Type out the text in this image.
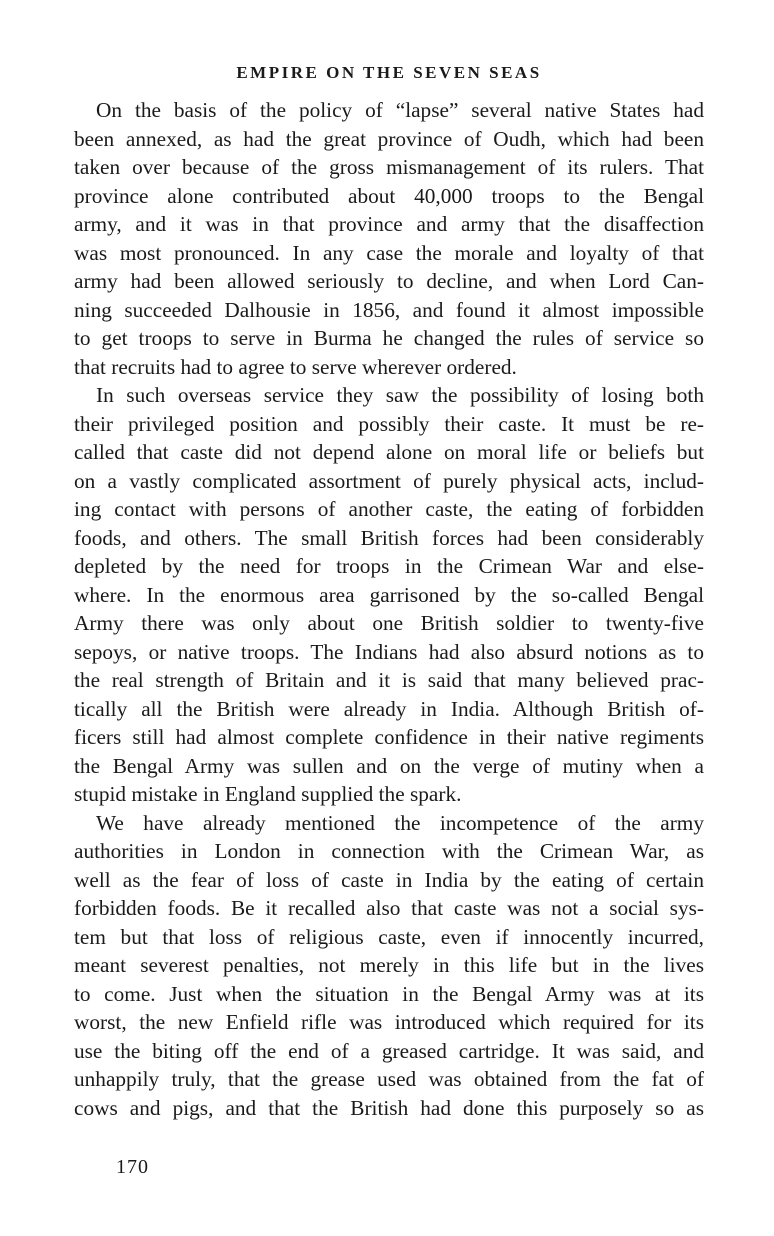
EMPIRE ON THE SEVEN SEAS
On the basis of the policy of “lapse” several native States had
been annexed, as had the great province of Oudh, which had been
taken over because of the gross mismanagement of its rulers. That
province alone contributed about 40,000 troops to the Bengal
army, and it was in that province and army that the disaffection
was most pronounced. In any case the morale and loyalty of that
army had been allowed seriously to decline, and when Lord Can-
ning succeeded Dalhousie in 1856, and found it almost impossible
to get troops to serve in Burma he changed the rules of service so
that recruits had to agree to serve wherever ordered.
In such overseas service they saw the possibility of losing both
their privileged position and possibly their caste. It must be re-
called that caste did not depend alone on moral life or beliefs but
on a vastly complicated assortment of purely physical acts, includ-
ing contact with persons of another caste, the eating of forbidden
foods, and others. The small British forces had been considerably
depleted by the need for troops in the Crimean War and else-
where. In the enormous area garrisoned by the so-called Bengal
Army there was only about one British soldier to twenty-five
sepoys, or native troops. The Indians had also absurd notions as to
the real strength of Britain and it is said that many believed prac-
tically all the British were already in India. Although British of-
ficers still had almost complete confidence in their native regiments
the Bengal Army was sullen and on the verge of mutiny when a
stupid mistake in England supplied the spark.
We have already mentioned the incompetence of the army
authorities in London in connection with the Crimean War, as
well as the fear of loss of caste in India by the eating of certain
forbidden foods. Be it recalled also that caste was not a social sys-
tem but that loss of religious caste, even if innocently incurred,
meant severest penalties, not merely in this life but in the lives
to come. Just when the situation in the Bengal Army was at its
worst, the new Enfield rifle was introduced which required for its
use the biting off the end of a greased cartridge. It was said, and
unhappily truly, that the grease used was obtained from the fat of
cows and pigs, and that the British had done this purposely so as
170
